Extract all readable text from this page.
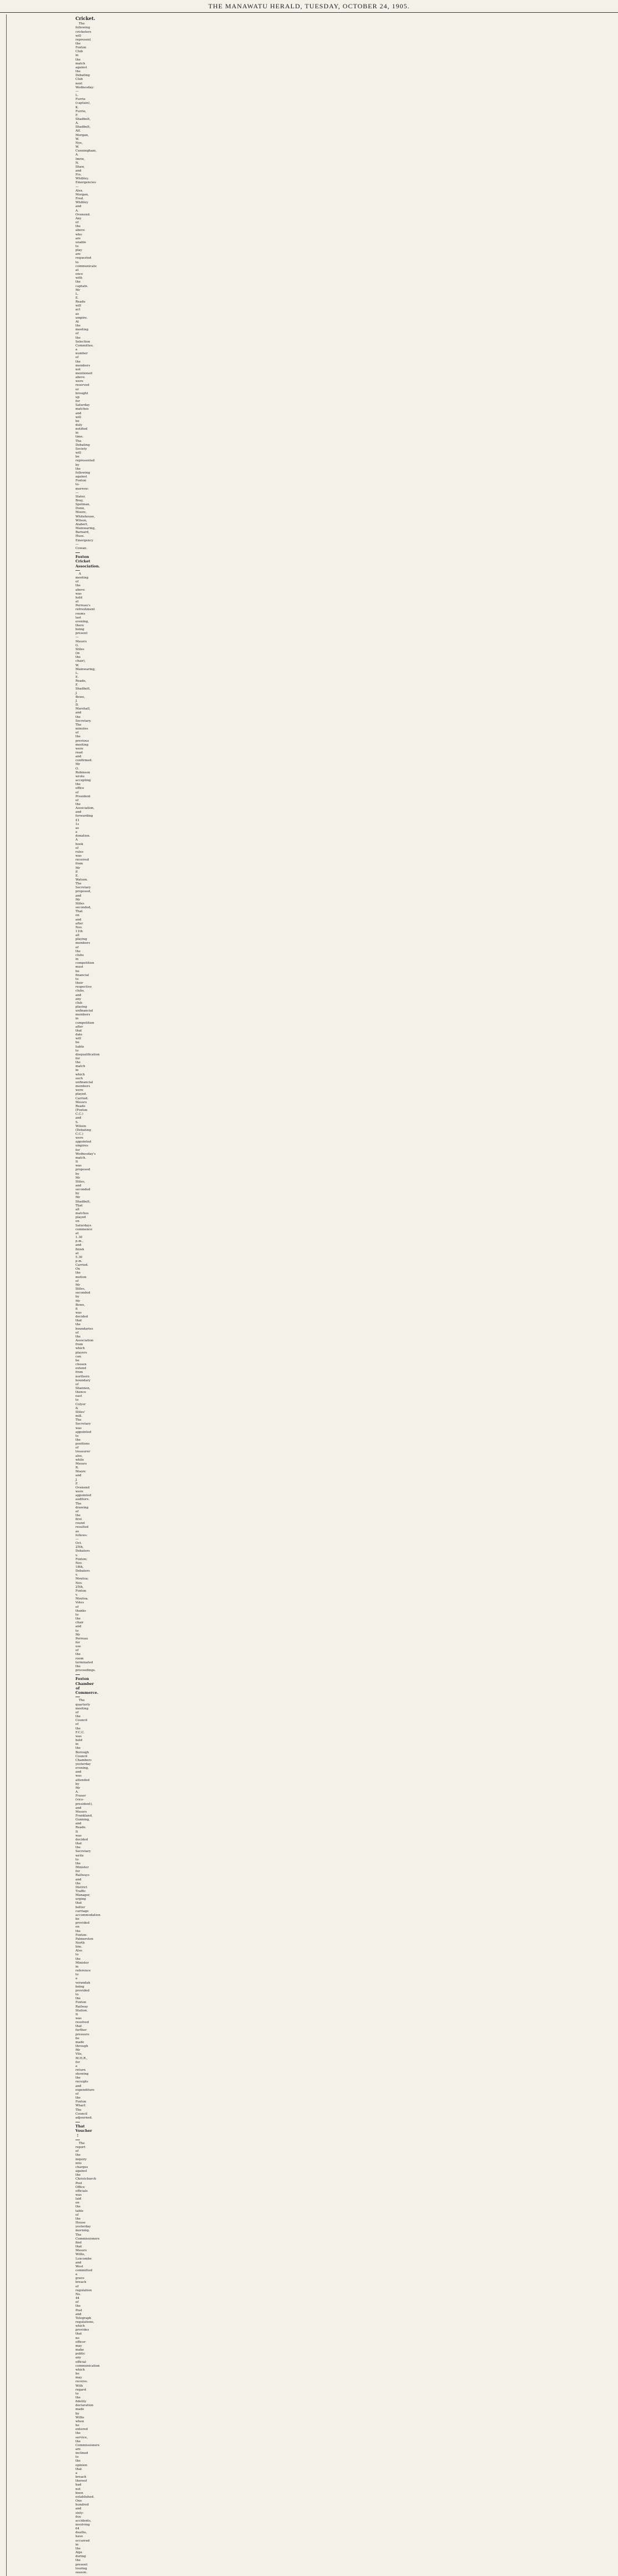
THE MANAWATU HERALD, TUESDAY, OCTOBER 24, 1905.

Cricket.

The following cricketers will represent the Foxton Club in the match against the Debating Club next Wednesday:—L. Furrie (captain), K. Furrie, F. Shadbolt, A. Shadbolt, Alf. Morgan, W. Nye, W. Cunningham, A. Imrie, N. Shaw, and Frs. Whibley. Emergencies—Alex. Morgan, Fred. Whibley and A. Ovenend. Any of the above who are unable to play are requested to communicate at once with the captain. Mr L. E. Reade will act as umpire. At the meeting of the Selection Committee, a number of the members not mentioned above were reserved or brought up for Saturday matches and will be duly notified in time. The Debating Society will be represented by the following against Foxton to-morrow:—Slater, Bray, Spelman, Dunn, Moore, Whitehouse, Wilson, Alabert, Mainwaring, Barnard, Huse. Emergency—Cowan.

Foxton Cricket Association.

A meeting of the above was held at Perreau's refreshment rooms last evening, there being present—Messrs G. Stiles (in the chair), W. Mainwaring, L. E. Reade, F. Shadbolt, J. Bowe, J. D. Marshall, and the Secretary. The minutes of the previous meeting were read and confirmed. Mr O. Robinson wrote accepting the office of President of the Association, and forwarding £1 1s as a donation. A book of rules was received from Mr P. E. Watson. The Secretary proposed, and Mr Stiles seconded, That on and after Nov. 11th all playing members of the clubs in competition must be financial to their respective clubs, and any club playing unfinancial members in competition after that date will be liable to disqualification for the match in which such unfinancial members were played. Carried. Messrs Reade (Foxton C.C.) and S. Wilson (Debating C.C.) were appointed umpires for Wednesday's match. It was proposed by Mr Stiles, and seconded by Mr Shadbolt, That all matches played on Saturdays commence at 1.30 p.m., and finish at 5.30 p.m. Carried. On the motion of Mr Stiles, seconded by Mr Bowe, it was decided that the boundaries of the Association from which players can be chosen extend from northern boundary of Shannon, thence east to Colyer & Stiles' mill. The Secretary was appointed to the positions of treasurer also, while Messrs R. Moore and J. F. Ovenend were appointed auditors. The drawing of the first round resulted as follows:—Oct. 25th, Debaters v. Foxton; Nov. 18th, Debaters v. Moutoa; Nov. 25th, Foxton v. Moutoa. Votes of thanks to the chair and to Mr Perreau for use of the room terminated the proceedings.

Foxton Chamber of Commerce.

The quarterly meeting of the Council of the F.C.C. was held in the Borough Council Chambers yesterday evening, and was attended by Mr A. Fraser (vice-president), and Messrs Frankland, Gunning, and Reade. It was decided that the Secretary write to the Minister for Railways and the District Traffic Manager, urging that better carriage accommodation be provided on the Foxton-Palmerston North line. Also to the Minister in reference to a verandah being provided to the Foxton Railway Station. It was resolved that further pressure be made through Mr Vile, M.H.R., for a return showing the receipts and expenditure of the Foxton Wharf. The Council adjourned.

That Voucher !

The report of the inquiry into charges against the Christchurch Post Office officials was laid on the table of the House yesterday morning. The Commissioners find that Messrs Willis, Luxcombe and West committed a grave breach of regulation No. 44 of the Post and Telegraph regulations, which provides that no officer may make public any official communication which he may receive. With regard to the fidelity declaration made by Willis when he entered the service, the Commissioners are inclined to the opinion that a breach thereof had not been established. One hundred and sixty-five accidents, involving 64 deaths, have occurred in the Alps during the present touring season.
